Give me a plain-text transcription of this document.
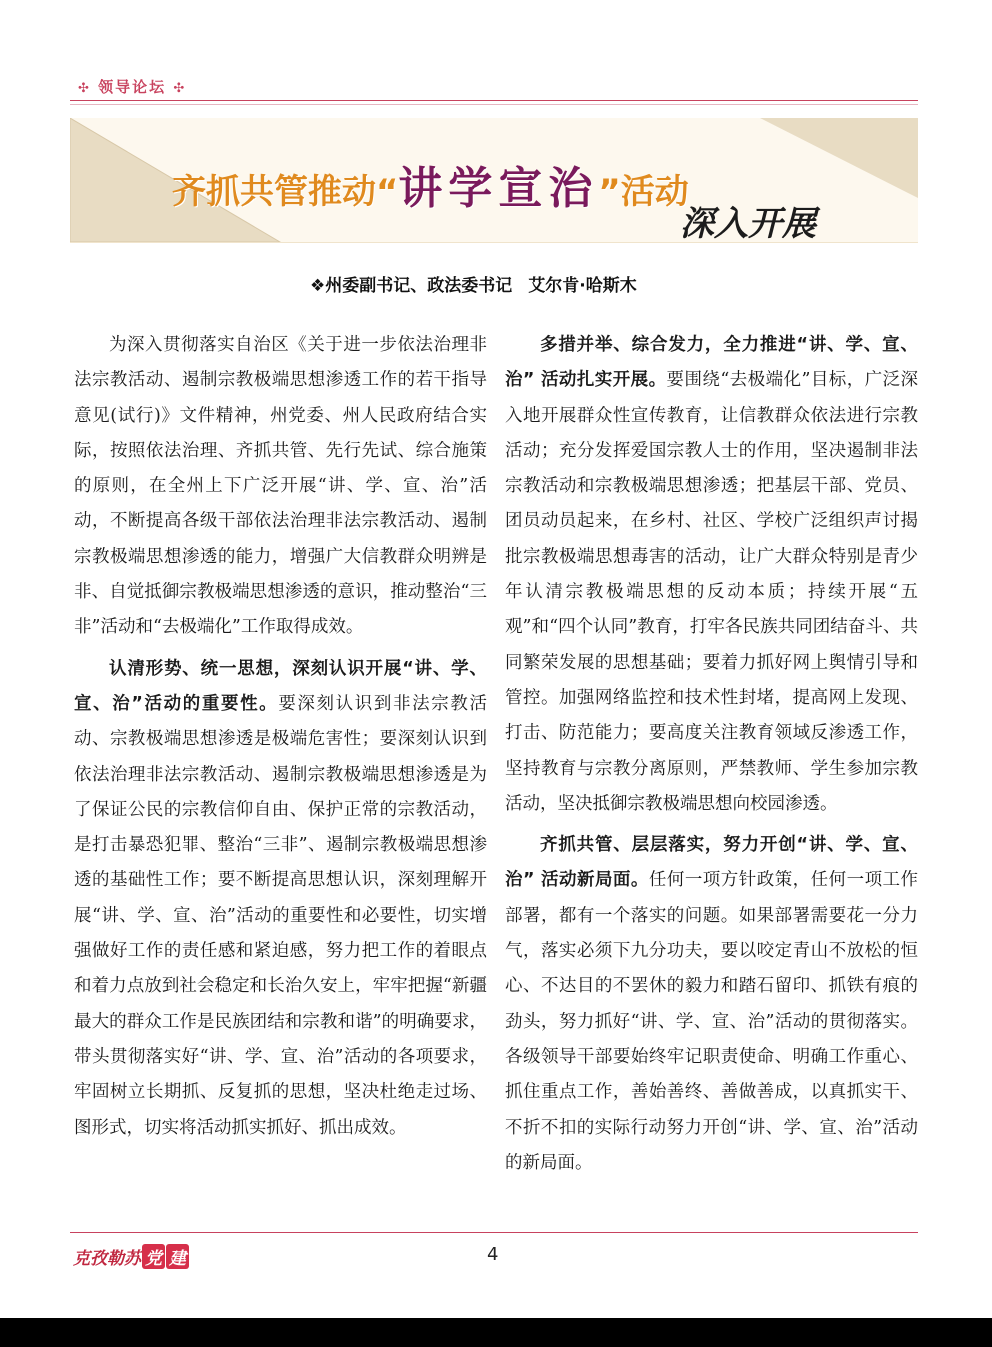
✣ 领导论坛 ✣
齐抓共管推动“讲学宣治”活动
深入开展
❖州委副书记、政法委书记 艾尔肯·哈斯木

为深入贯彻落实自治区《关于进一步依法治理非法宗教活动、遏制宗教极端思想渗透工作的若干指导意见(试行)》文件精神，州党委、州人民政府结合实际，按照依法治理、齐抓共管、先行先试、综合施策的原则，在全州上下广泛开展“讲、学、宣、治”活动，不断提高各级干部依法治理非法宗教活动、遏制宗教极端思想渗透的能力，增强广大信教群众明辨是非、自觉抵御宗教极端思想渗透的意识，推动整治“三非”活动和“去极端化”工作取得成效。

认清形势、统一思想，深刻认识开展“讲、学、宣、治”活动的重要性。要深刻认识到非法宗教活动、宗教极端思想渗透是极端危害性；要深刻认识到依法治理非法宗教活动、遏制宗教极端思想渗透是为了保证公民的宗教信仰自由、保护正常的宗教活动，是打击暴恐犯罪、整治“三非”、遏制宗教极端思想渗透的基础性工作；要不断提高思想认识，深刻理解开展“讲、学、宣、治”活动的重要性和必要性，切实增强做好工作的责任感和紧迫感，努力把工作的着眼点和着力点放到社会稳定和长治久安上，牢牢把握“新疆最大的群众工作是民族团结和宗教和谐”的明确要求，带头贯彻落实好“讲、学、宣、治”活动的各项要求，牢固树立长期抓、反复抓的思想，坚决杜绝走过场、图形式，切实将活动抓实抓好、抓出成效。

多措并举、综合发力，全力推进“讲、学、宣、治” 活动扎实开展。要围绕“去极端化”目标，广泛深入地开展群众性宣传教育，让信教群众依法进行宗教活动；充分发挥爱国宗教人士的作用，坚决遏制非法宗教活动和宗教极端思想渗透；把基层干部、党员、团员动员起来，在乡村、社区、学校广泛组织声讨揭批宗教极端思想毒害的活动，让广大群众特别是青少年认清宗教极端思想的反动本质；持续开展“五观”和“四个认同”教育，打牢各民族共同团结奋斗、共同繁荣发展的思想基础；要着力抓好网上舆情引导和管控。加强网络监控和技术性封堵，提高网上发现、打击、防范能力；要高度关注教育领域反渗透工作，坚持教育与宗教分离原则，严禁教师、学生参加宗教活动，坚决抵御宗教极端思想向校园渗透。

齐抓共管、层层落实，努力开创“讲、学、宣、治” 活动新局面。任何一项方针政策，任何一项工作部署，都有一个落实的问题。如果部署需要花一分力气，落实必须下九分功夫，要以咬定青山不放松的恒心、不达目的不罢休的毅力和踏石留印、抓铁有痕的劲头，努力抓好“讲、学、宣、治”活动的贯彻落实。各级领导干部要始终牢记职责使命、明确工作重心、抓住重点工作，善始善终、善做善成，以真抓实干、不折不扣的实际行动努力开创“讲、学、宣、治”活动的新局面。

克孜勒苏 党 建	4
